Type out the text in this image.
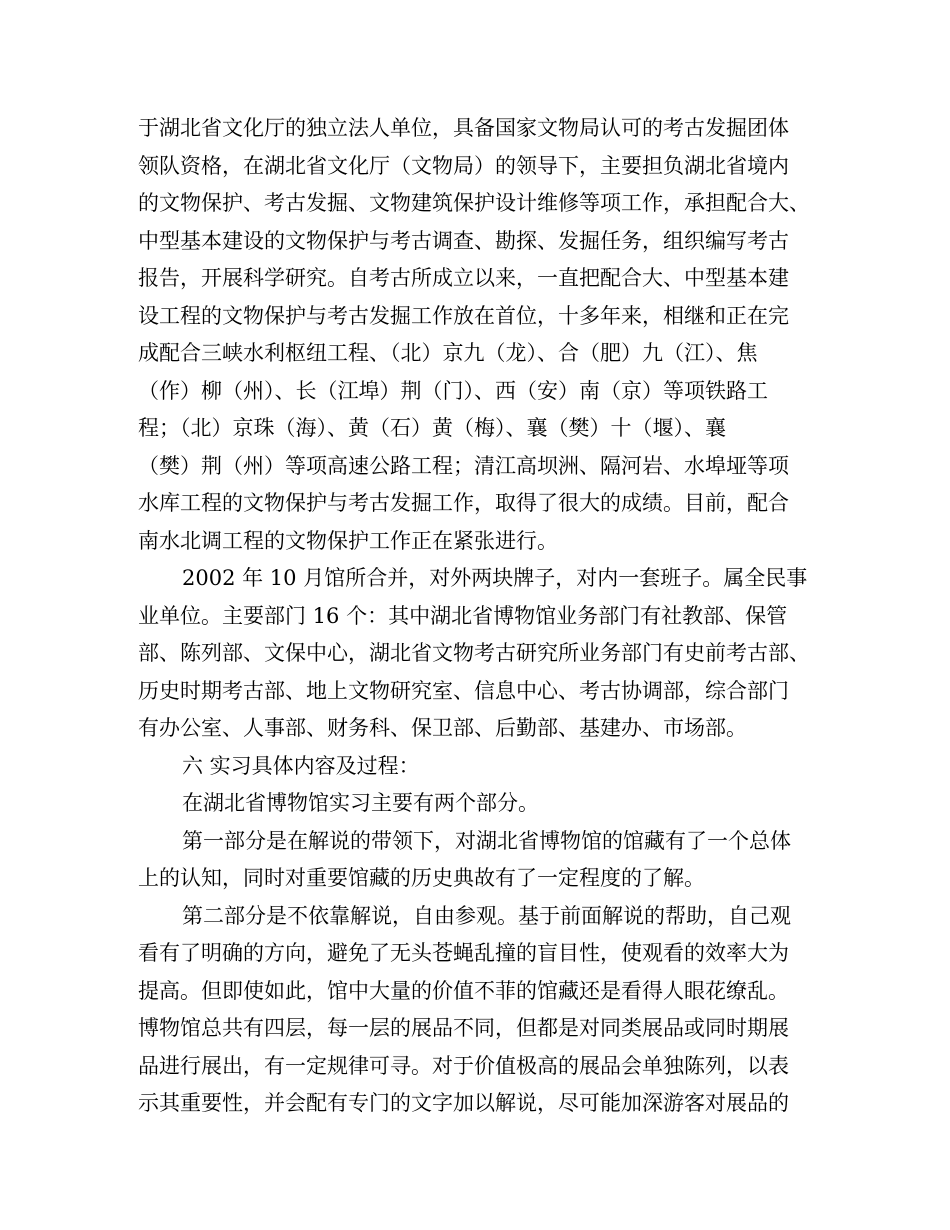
于湖北省文化厅的独立法人单位，具备国家文物局认可的考古发掘团体
领队资格，在湖北省文化厅（文物局）的领导下，主要担负湖北省境内
的文物保护、考古发掘、文物建筑保护设计维修等项工作，承担配合大、
中型基本建设的文物保护与考古调查、勘探、发掘任务，组织编写考古
报告，开展科学研究。自考古所成立以来，一直把配合大、中型基本建
设工程的文物保护与考古发掘工作放在首位，十多年来，相继和正在完
成配合三峡水利枢纽工程、（北）京九（龙）、合（肥）九（江）、焦
（作）柳（州）、长（江埠）荆（门）、西（安）南（京）等项铁路工
程；（北）京珠（海）、黄（石）黄（梅）、襄（樊）十（堰）、襄
（樊）荆（州）等项高速公路工程；清江高坝洲、隔河岩、水埠垭等项
水库工程的文物保护与考古发掘工作，取得了很大的成绩。目前，配合
南水北调工程的文物保护工作正在紧张进行。
2002 年 10 月馆所合并，对外两块牌子，对内一套班子。属全民事
业单位。主要部门 16 个：其中湖北省博物馆业务部门有社教部、保管
部、陈列部、文保中心，湖北省文物考古研究所业务部门有史前考古部、
历史时期考古部、地上文物研究室、信息中心、考古协调部，综合部门
有办公室、人事部、财务科、保卫部、后勤部、基建办、市场部。
六 实习具体内容及过程：
在湖北省博物馆实习主要有两个部分。
第一部分是在解说的带领下，对湖北省博物馆的馆藏有了一个总体
上的认知，同时对重要馆藏的历史典故有了一定程度的了解。
第二部分是不依靠解说，自由参观。基于前面解说的帮助，自己观
看有了明确的方向，避免了无头苍蝇乱撞的盲目性，使观看的效率大为
提高。但即使如此，馆中大量的价值不菲的馆藏还是看得人眼花缭乱。
博物馆总共有四层，每一层的展品不同，但都是对同类展品或同时期展
品进行展出，有一定规律可寻。对于价值极高的展品会单独陈列，以表
示其重要性，并会配有专门的文字加以解说，尽可能加深游客对展品的
